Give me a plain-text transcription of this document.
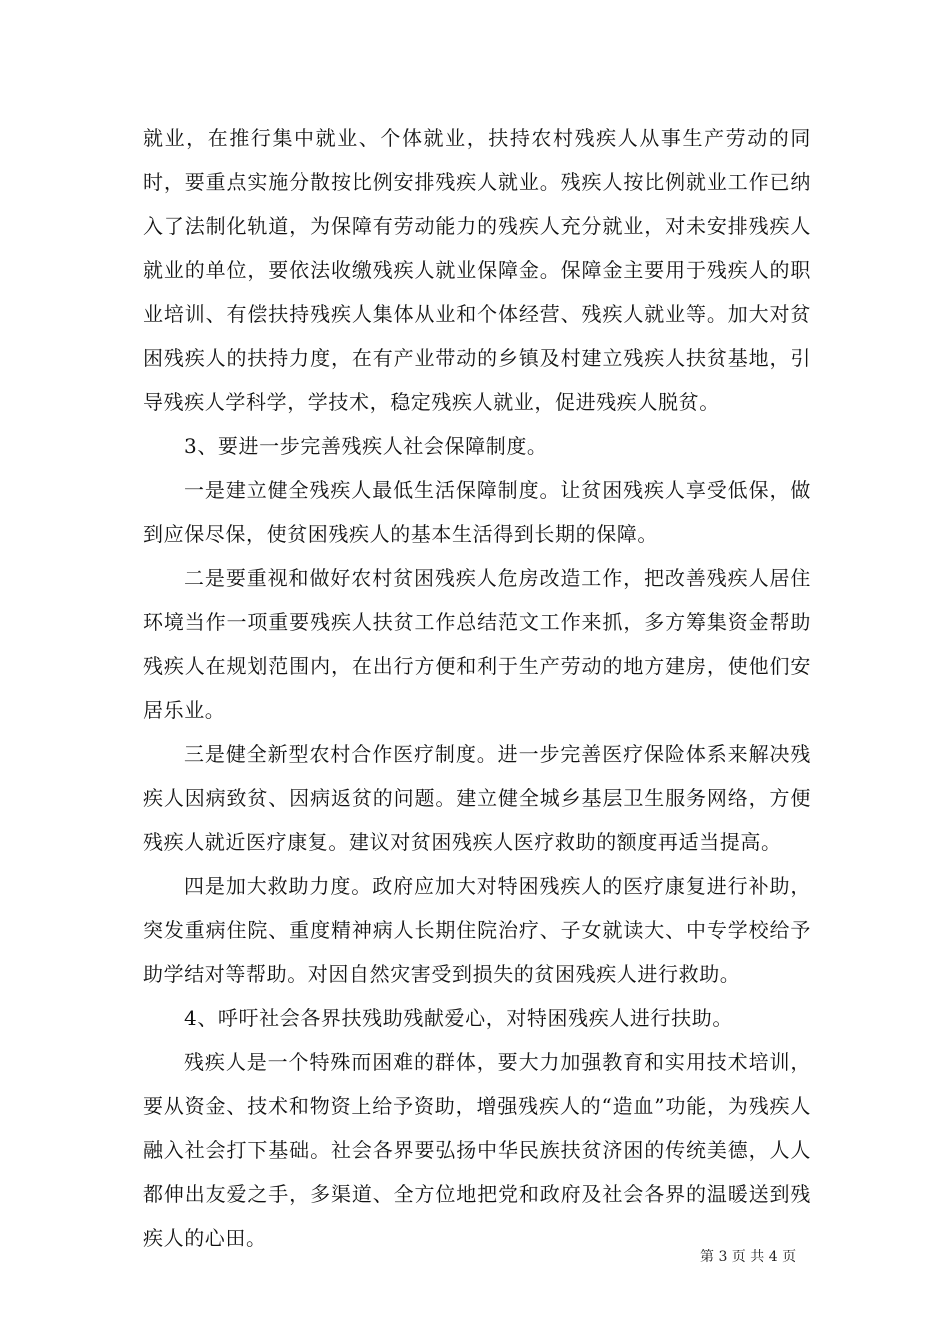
就业，在推行集中就业、个体就业，扶持农村残疾人从事生产劳动的同时，要重点实施分散按比例安排残疾人就业。残疾人按比例就业工作已纳入了法制化轨道，为保障有劳动能力的残疾人充分就业，对未安排残疾人就业的单位，要依法收缴残疾人就业保障金。保障金主要用于残疾人的职业培训、有偿扶持残疾人集体从业和个体经营、残疾人就业等。加大对贫困残疾人的扶持力度，在有产业带动的乡镇及村建立残疾人扶贫基地，引导残疾人学科学，学技术，稳定残疾人就业，促进残疾人脱贫。

3、要进一步完善残疾人社会保障制度。

一是建立健全残疾人最低生活保障制度。让贫困残疾人享受低保，做到应保尽保，使贫困残疾人的基本生活得到长期的保障。

二是要重视和做好农村贫困残疾人危房改造工作，把改善残疾人居住环境当作一项重要残疾人扶贫工作总结范文工作来抓，多方筹集资金帮助残疾人在规划范围内，在出行方便和利于生产劳动的地方建房，使他们安居乐业。

三是健全新型农村合作医疗制度。进一步完善医疗保险体系来解决残疾人因病致贫、因病返贫的问题。建立健全城乡基层卫生服务网络，方便残疾人就近医疗康复。建议对贫困残疾人医疗救助的额度再适当提高。

四是加大救助力度。政府应加大对特困残疾人的医疗康复进行补助，突发重病住院、重度精神病人长期住院治疗、子女就读大、中专学校给予助学结对等帮助。对因自然灾害受到损失的贫困残疾人进行救助。

4、呼吁社会各界扶残助残献爱心，对特困残疾人进行扶助。

残疾人是一个特殊而困难的群体，要大力加强教育和实用技术培训，要从资金、技术和物资上给予资助，增强残疾人的“造血”功能，为残疾人融入社会打下基础。社会各界要弘扬中华民族扶贫济困的传统美德，人人都伸出友爱之手，多渠道、全方位地把党和政府及社会各界的温暖送到残疾人的心田。

第 3 页 共 4 页
